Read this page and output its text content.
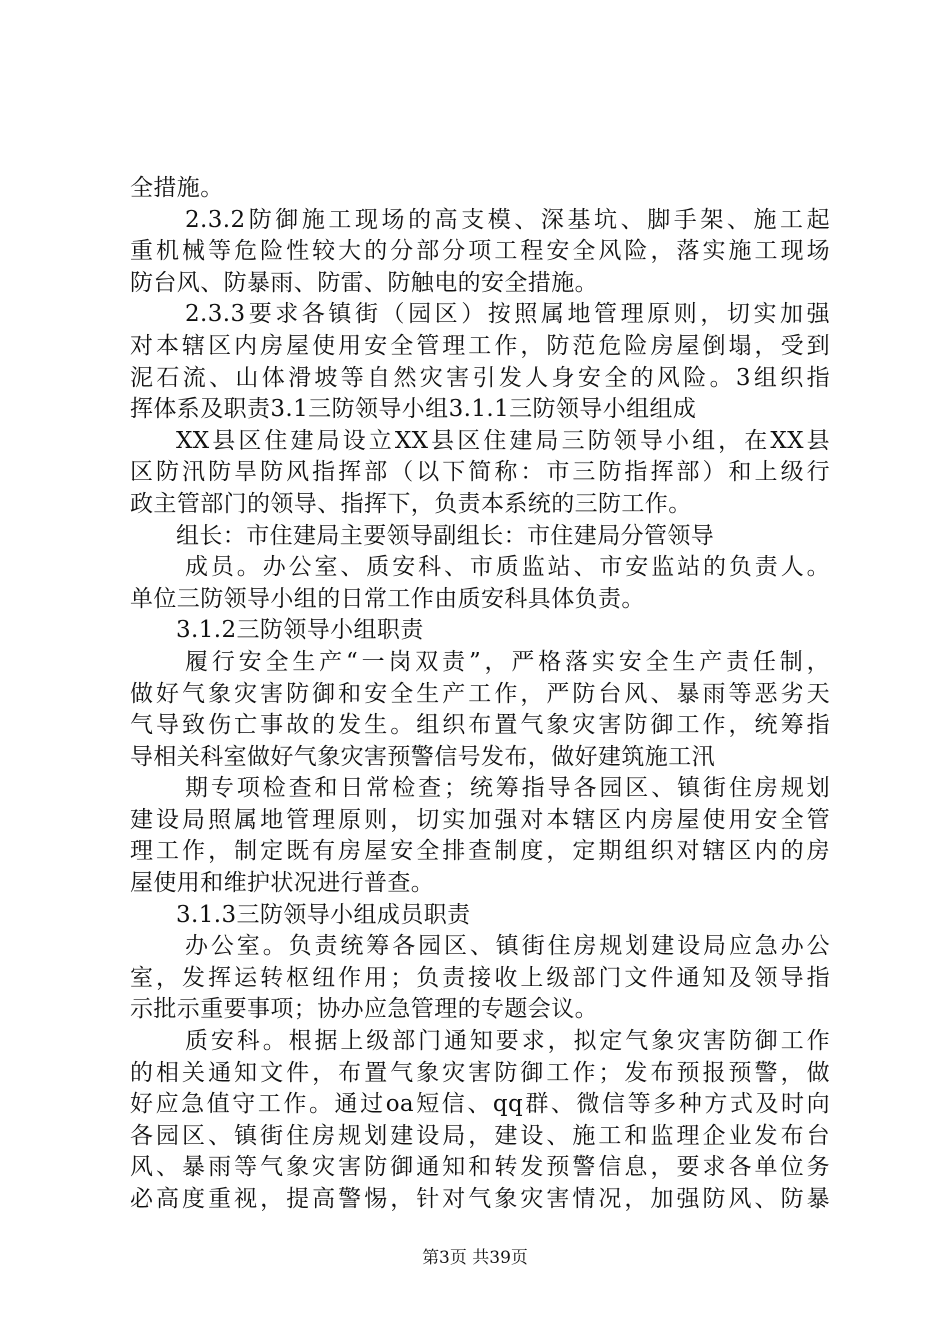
全措施。
2.3.2防御施工现场的高支模、深基坑、脚手架、施工起
重机械等危险性较大的分部分项工程安全风险，落实施工现场
防台风、防暴雨、防雷、防触电的安全措施。
2.3.3要求各镇街（园区）按照属地管理原则，切实加强
对本辖区内房屋使用安全管理工作，防范危险房屋倒塌，受到
泥石流、山体滑坡等自然灾害引发人身安全的风险。3组织指
挥体系及职责3.1三防领导小组3.1.1三防领导小组组成
XX县区住建局设立XX县区住建局三防领导小组，在XX县
区防汛防旱防风指挥部（以下简称：市三防指挥部）和上级行
政主管部门的领导、指挥下，负责本系统的三防工作。
组长：市住建局主要领导副组长：市住建局分管领导
成员。办公室、质安科、市质监站、市安监站的负责人。
单位三防领导小组的日常工作由质安科具体负责。
3.1.2三防领导小组职责
履行安全生产“一岗双责”，严格落实安全生产责任制，
做好气象灾害防御和安全生产工作，严防台风、暴雨等恶劣天
气导致伤亡事故的发生。组织布置气象灾害防御工作，统筹指
导相关科室做好气象灾害预警信号发布，做好建筑施工汛
期专项检查和日常检查；统筹指导各园区、镇街住房规划
建设局照属地管理原则，切实加强对本辖区内房屋使用安全管
理工作，制定既有房屋安全排查制度，定期组织对辖区内的房
屋使用和维护状况进行普查。
3.1.3三防领导小组成员职责
办公室。负责统筹各园区、镇街住房规划建设局应急办公
室，发挥运转枢纽作用；负责接收上级部门文件通知及领导指
示批示重要事项；协办应急管理的专题会议。
质安科。根据上级部门通知要求，拟定气象灾害防御工作
的相关通知文件，布置气象灾害防御工作；发布预报预警，做
好应急值守工作。通过oa短信、qq群、微信等多种方式及时向
各园区、镇街住房规划建设局，建设、施工和监理企业发布台
风、暴雨等气象灾害防御通知和转发预警信息，要求各单位务
必高度重视，提高警惕，针对气象灾害情况，加强防风、防暴
第3页 共39页
